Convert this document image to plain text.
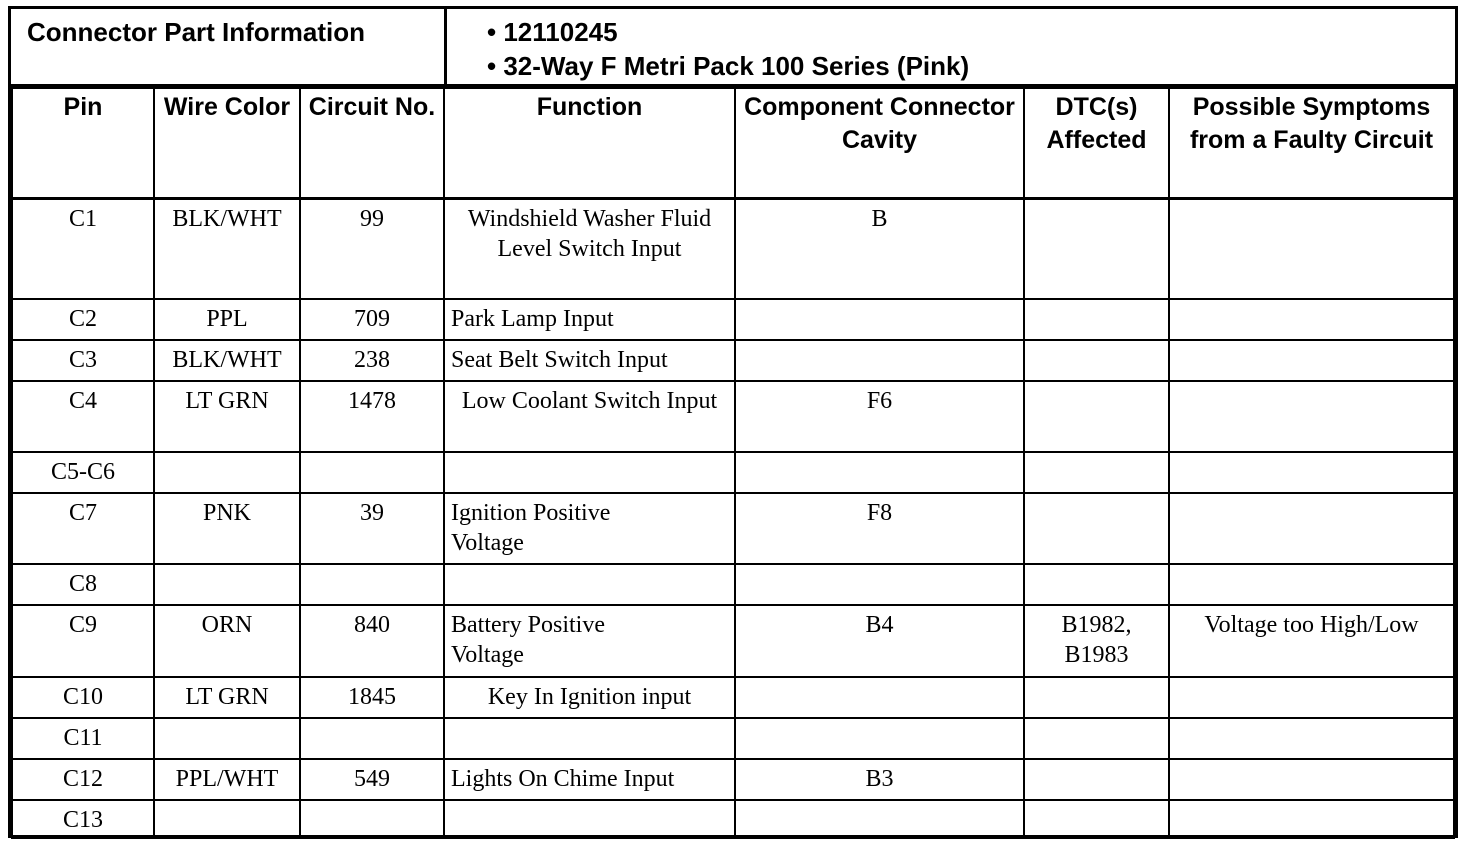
Connector Part Information	• 12110245
• 32-Way F Metri Pack 100 Series (Pink)
Pin	Wire Color	Circuit No.	Function	Component Connector Cavity	DTC(s) Affected	Possible Symptoms from a Faulty Circuit
C1	BLK/WHT	99	Windshield Washer Fluid Level Switch Input	B		
C2	PPL	709	Park Lamp Input			
C3	BLK/WHT	238	Seat Belt Switch Input			
C4	LT GRN	1478	Low Coolant Switch Input	F6		
C5-C6						
C7	PNK	39	Ignition Positive Voltage	F8		
C8						
C9	ORN	840	Battery Positive Voltage	B4	B1982, B1983	Voltage too High/Low
C10	LT GRN	1845	Key In Ignition input			
C11						
C12	PPL/WHT	549	Lights On Chime Input	B3		
C13						
